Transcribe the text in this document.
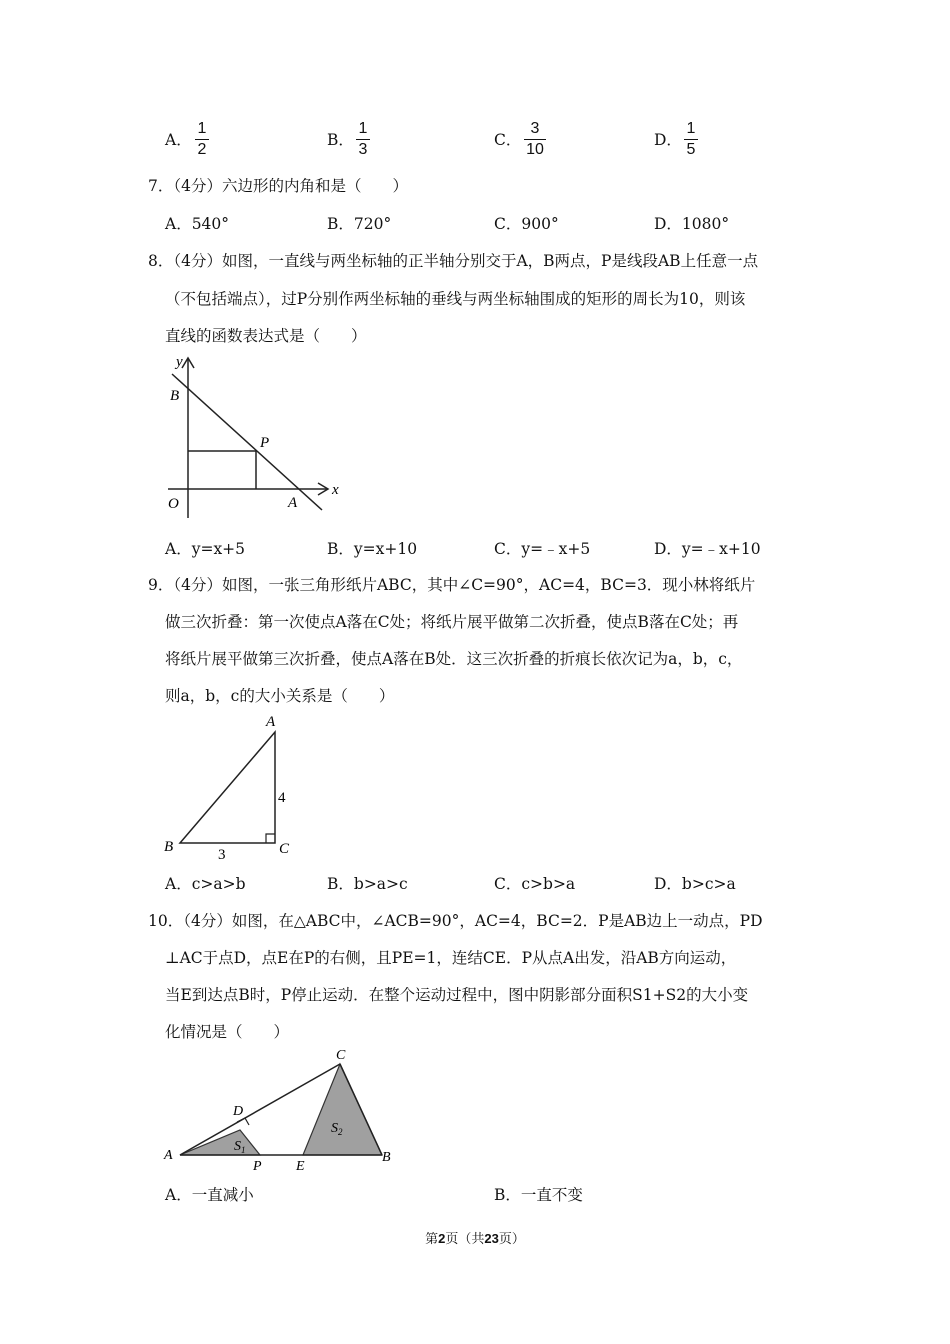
A．
1
2
B．
1
3
C．
3
10
D．
1
5
7．（4分）六边形的内角和是（　　）
A．540°	B．720°	C．900°	D．1080°
8．（4分）如图，一直线与两坐标轴的正半轴分别交于A，B两点，P是线段AB上任意一点
（不包括端点），过P分别作两坐标轴的垂线与两坐标轴围成的矩形的周长为10，则该
直线的函数表达式是（　　）
y
x
B
P
O	A
A．y=x+5	B．y=x+10	C．y=﹣x+5	D．y=﹣x+10
9．（4分）如图，一张三角形纸片ABC，其中∠C=90°，AC=4，BC=3．现小林将纸片
做三次折叠：第一次使点A落在C处；将纸片展平做第二次折叠，使点B落在C处；再
将纸片展平做第三次折叠，使点A落在B处．这三次折叠的折痕长依次记为a，b，c，
则a，b，c的大小关系是（　　）
A
B	C
4
3
A．c>a>b	B．b>a>c	C．c>b>a	D．b>c>a
10．（4分）如图，在△ABC中，∠ACB=90°，AC=4，BC=2．P是AB边上一动点，PD
⊥AC于点D，点E在P的右侧，且PE=1，连结CE．P从点A出发，沿AB方向运动，
当E到达点B时，P停止运动．在整个运动过程中，图中阴影部分面积S1+S2的大小变
化情况是（　　）
C
D
A
$S_1$
$S_2$
P E
B
A．一直减小	B．一直不变
第2页（共23页）
